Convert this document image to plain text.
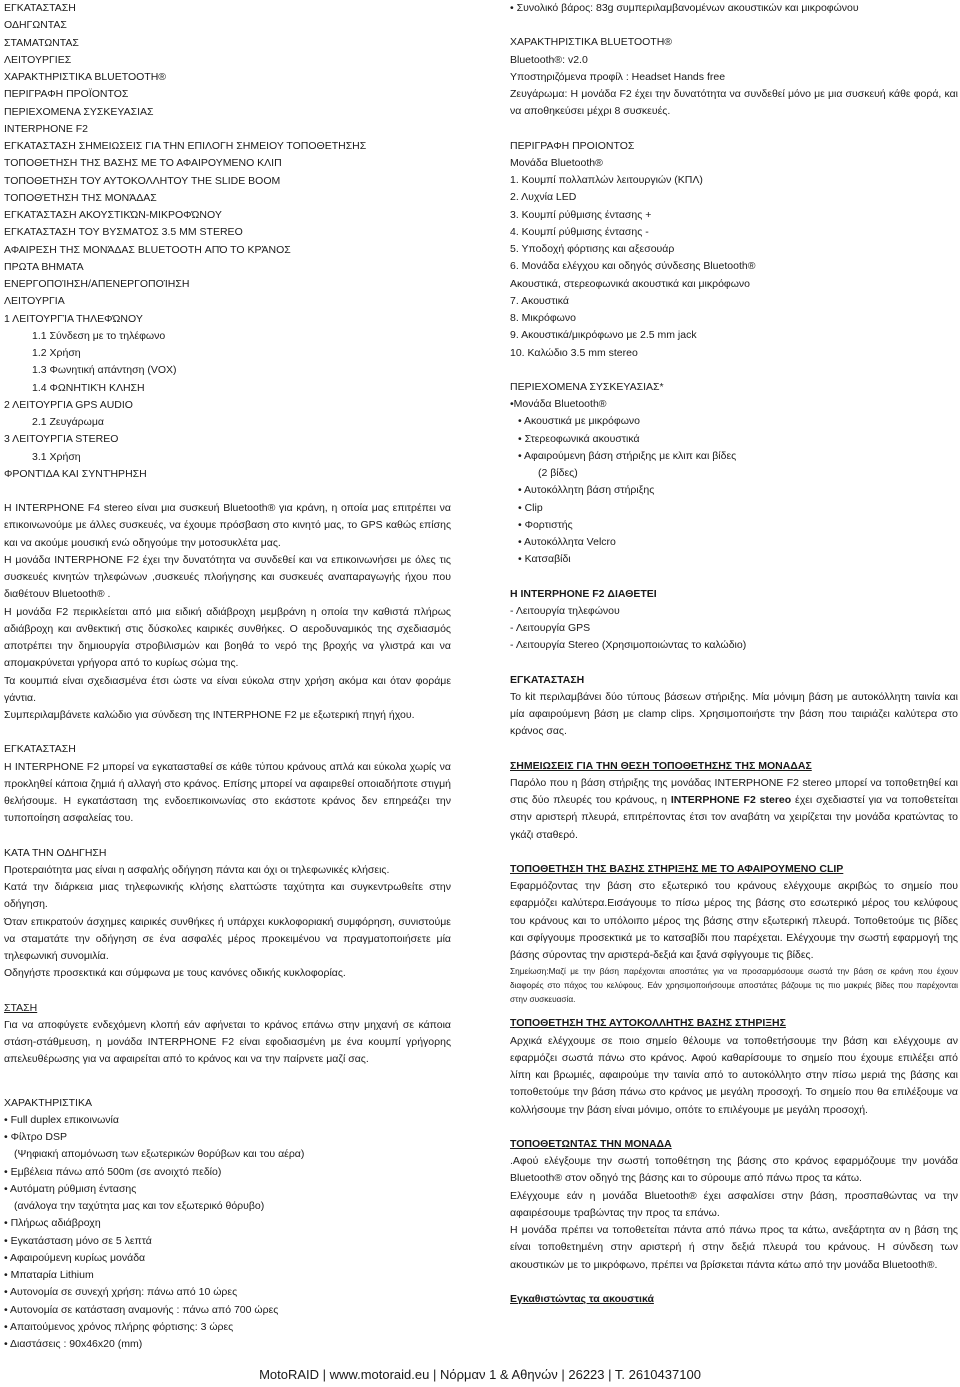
ΕΓΚΑΤΑΣΤΑΣΗ

ΟΔΗΓΩΝΤΑΣ

ΣΤΑΜΑΤΩΝΤΑΣ

ΛΕΙΤΟΥΡΓΙΕΣ

ΧΑΡΑΚΤΗΡΙΣΤΙΚΑ BLUETOOTH®

ΠΕΡΙΓΡΑΦΗ ΠΡΟΪΟΝΤΟΣ

ΠΕΡΙΕΧΟΜΕΝΑ ΣΥΣΚΕΥΑΣΙΑΣ

INTERPHONE F2

ΕΓΚΑΤΑΣΤΑΣΗ ΣΗΜΕΙΩΣΕΙΣ ΓΙΑ ΤΗΝ ΕΠΙΛΟΓΗ ΣΗΜΕΙΟΥ ΤΟΠΟΘΕΤΗΣΗΣ

ΤΟΠΟΘΕΤΗΣΗ ΤΗΣ ΒΑΣΗΣ ΜΕ ΤΟ ΑΦΑΙΡΟΥΜΕΝΟ ΚΛΙΠ

ΤΟΠΟΘΕΤΗΣΗ ΤΟΥ ΑΥΤΟΚΟΛΛΗΤΟΥ THE SLIDE BOOM

ΤΟΠΟΘΈΤΗΣΗ ΤΗΣ ΜΟΝΆΔΑΣ

ΕΓΚΑΤΆΣΤΑΣΗ ΑΚΟΥΣΤΙΚΏΝ-ΜΙΚΡΟΦΏΝΟΥ

ΕΓΚΑΤΑΣΤΑΣΗ ΤΟΥ ΒΥΣΜΑΤΟΣ 3.5 MM STEREO

ΑΦΑΙΡΕΣΗ ΤΗΣ ΜΟΝΆΔΑΣ BLUETOOTH ΑΠΌ ΤΟ ΚΡΆΝΟΣ

ΠΡΩΤΑ ΒΗΜΑΤΑ

ΕΝΕΡΓΟΠΟΊΗΣΗ/ΑΠΕΝΕΡΓΟΠΟΊΗΣΗ

ΛΕΙΤΟΥΡΓΙΑ

1 ΛΕΙΤΟΥΡΓΊΑ ΤΗΛΕΦΏΝΟΥ

1.1 Σύνδεση με το τηλέφωνο

1.2 Χρήση

1.3 Φωνητική απάντηση (VOX)

1.4 ΦΩΝΗΤΙΚΉ ΚΛΗΣΗ

2 ΛΕΙΤΟΥΡΓΙΑ GPS AUDIO

2.1 Ζευγάρωμα

3 ΛΕΙΤΟΥΡΓΙΑ STEREO

3.1 Χρήση

ΦΡΟΝΤΊΔΑ ΚΑΙ ΣΥΝΤΉΡΗΣΗ

Η INTERPHONE F4 stereo είναι μια συσκευή Bluetooth® για κράνη, η οποία μας επιτρέπει να επικοινωνούμε με άλλες συσκευές, να έχουμε πρόσβαση στο κινητό μας, το GPS καθώς επίσης και να ακούμε μουσική ενώ οδηγούμε την μοτοσυκλέτα μας.

Η μονάδα INTERPHONE F2 έχει την δυνατότητα να συνδεθεί και να επικοινωνήσει με όλες τις συσκευές κινητών τηλεφώνων ,συσκευές πλοήγησης και συσκευές αναπαραγωγής ήχου που διαθέτουν Bluetooth® .

Η μονάδα F2 περικλείεται από μια ειδική αδιάβροχη μεμβράνη η οποία την καθιστά πλήρως αδιάβροχη και ανθεκτική στις δύσκολες καιρικές συνθήκες. Ο αεροδυναμικός της σχεδιασμός αποτρέπει την δημιουργία στροβιλισμών και βοηθά το νερό της βροχής να γλιστρά και να απομακρύνεται γρήγορα από το κυρίως σώμα της.

Τα κουμπιά είναι σχεδιασμένα έτσι ώστε να είναι εύκολα στην χρήση ακόμα και όταν φοράμε γάντια.

Συμπεριλαμβάνετε καλώδιο για σύνδεση της INTERPHONE F2 με εξωτερική πηγή ήχου.

ΕΓΚΑΤΑΣΤΑΣΗ

Η INTERPHONE F2 μπορεί να εγκατασταθεί σε κάθε τύπου κράνους απλά και εύκολα χωρίς να προκληθεί κάποια ζημιά ή αλλαγή στο κράνος. Επίσης μπορεί να αφαιρεθεί οποιαδήποτε στιγμή θελήσουμε. Η εγκατάσταση της ενδοεπικοινωνίας στο εκάστοτε κράνος δεν επηρεάζει την τυποποίηση ασφαλείας του.

ΚΑΤΑ ΤΗΝ ΟΔΗΓΗΣΗ

Προτεραιότητα μας είναι η ασφαλής οδήγηση πάντα και όχι οι τηλεφωνικές κλήσεις.

Κατά την διάρκεια μιας τηλεφωνικής κλήσης ελαττώστε ταχύτητα και συγκεντρωθείτε στην οδήγηση.

Όταν επικρατούν άσχημες καιρικές συνθήκες ή υπάρχει κυκλοφοριακή συμφόρηση, συνιστούμε να σταματάτε την οδήγηση σε ένα ασφαλές μέρος προκειμένου να πραγματοποιήσετε μία τηλεφωνική συνομιλία.

Οδηγήστε προσεκτικά και σύμφωνα με τους κανόνες οδικής κυκλοφορίας.

ΣΤΑΣΗ

Για να αποφύγετε ενδεχόμενη κλοπή εάν αφήνεται το κράνος επάνω στην μηχανή σε κάποια στάση-στάθμευση, η μονάδα INTERPHONE F2 είναι εφοδιασμένη με ένα κουμπί γρήγορης απελευθέρωσης για να αφαιρείται από το κράνος και να την παίρνετε μαζί σας.

ΧΑΡΑΚΤΗΡΙΣΤΙΚΑ

• Full duplex επικοινωνία

• Φίλτρο DSP

(Ψηφιακή απομόνωση των εξωτερικών θορύβων και του αέρα)

• Εμβέλεια πάνω από 500m (σε ανοιχτό πεδίο)

• Αυτόματη ρύθμιση έντασης

(ανάλογα την ταχύτητα μας και τον εξωτερικό θόρυβο)

• Πλήρως αδιάβροχη

• Εγκατάσταση μόνο σε 5 λεπτά

• Αφαιρούμενη κυρίως μονάδα

• Μπαταρία Lithium

• Αυτονομία σε συνεχή χρήση: πάνω από 10 ώρες

• Αυτονομία σε κατάσταση αναμονής : πάνω από 700 ώρες

• Απαιτούμενος χρόνος πλήρης φόρτισης: 3 ώρες

• Διαστάσεις : 90x46x20 (mm)

• Συνολικό βάρος: 83g συμπεριλαμβανομένων ακουστικών και μικροφώνου

ΧΑΡΑΚΤΗΡΙΣΤΙΚΑ BLUETOOTH®

Bluetooth®: v2.0

Υποστηριζόμενα προφίλ : Headset Hands free

Ζευγάρωμα: Η μονάδα F2 έχει την δυνατότητα να συνδεθεί μόνο με μια συσκευή κάθε φορά, και να αποθηκεύσει μέχρι 8 συσκευές.

ΠΕΡΙΓΡΑΦΗ ΠΡΟΙΟΝΤΟΣ

Μονάδα Bluetooth®

1. Κουμπί πολλαπλών λειτουργιών (ΚΠΛ)

2. Λυχνία LED

3. Κουμπί ρύθμισης έντασης +

4. Κουμπί ρύθμισης έντασης -

5. Υποδοχή φόρτισης και αξεσουάρ

6. Μονάδα ελέγχου και οδηγός σύνδεσης Bluetooth®

Ακουστικά, στερεοφωνικά ακουστικά και μικρόφωνο

7. Ακουστικά

8. Μικρόφωνο

9. Ακουστικά/μικρόφωνο με 2.5 mm jack

10. Καλώδιο 3.5 mm stereo

ΠΕΡΙΕΧΟΜΕΝΑ ΣΥΣΚΕΥΑΣΙΑΣ*

•Μονάδα Bluetooth®

• Ακουστικά με μικρόφωνο

• Στερεοφωνικά ακουστικά

• Αφαιρούμενη βάση στήριξης με κλιπ και βίδες

(2 βίδες)

• Αυτοκόλλητη βάση στήριξης

• Clip

• Φορτιστής

• Αυτοκόλλητα Velcro

• Κατσαβίδι

Η INTERPHONE F2 ΔΙΑΘΕΤΕΙ

- Λειτουργία τηλεφώνου

- Λειτουργία GPS

- Λειτουργία Stereo (Χρησιμοποιώντας το καλώδιο)

ΕΓΚΑΤΑΣΤΑΣΗ

Το kit περιλαμβάνει δύο τύπους βάσεων στήριξης. Μία μόνιμη βάση με αυτοκόλλητη ταινία και μία αφαιρούμενη βάση με clamp clips. Χρησιμοποιήστε την βάση που ταιριάζει καλύτερα στο κράνος σας.

ΣΗΜΕΙΩΣΕΙΣ ΓΙΑ ΤΗΝ ΘΕΣΗ ΤΟΠΟΘΕΤΗΣΗΣ ΤΗΣ ΜΟΝΑΔΑΣ

Παρόλο που η βάση στήριξης της μονάδας INTERPHONE F2 stereo μπορεί να τοποθετηθεί και στις δύο πλευρές του κράνους, η INTERPHONE F2 stereo έχει σχεδιαστεί για να τοποθετείται στην αριστερή πλευρά, επιτρέποντας έτσι τον αναβάτη να χειρίζεται την μονάδα κρατώντας το γκάζι σταθερό.

ΤΟΠΟΘΕΤΗΣΗ ΤΗΣ ΒΑΣΗΣ ΣΤΗΡΙΞΗΣ ΜΕ ΤΟ ΑΦΑΙΡΟΥΜΕΝΟ CLIP

Εφαρμόζοντας την βάση στο εξωτερικό του κράνους ελέγχουμε ακριβώς το σημείο που εφαρμόζει καλύτερα.Εισάγουμε το πίσω μέρος της βάσης στο εσωτερικό μέρος του κελύφους του κράνους και το υπόλοιπο μέρος της βάσης στην εξωτερική πλευρά. Τοποθετούμε τις βίδες και σφίγγουμε προσεκτικά με το κατσαβίδι που παρέχεται. Ελέγχουμε την σωστή εφαρμογή της βάσης σύροντας την αριστερά-δεξιά και ξανά σφίγγουμε τις βίδες.

Σημείωση:Μαζί με την βάση παρέχονται αποστάτες για να προσαρμόσουμε σωστά την βάση σε κράνη που έχουν διαφορές στο πάχος του κελύφους. Εάν χρησιμοποιήσουμε αποστάτες βάζουμε τις πιο μακριές βίδες που παρέχονται στην συσκευασία.

ΤΟΠΟΘΕΤΗΣΗ ΤΗΣ ΑΥΤΟΚΟΛΛΗΤΗΣ ΒΑΣΗΣ ΣΤΗΡΙΞΗΣ

Αρχικά ελέγχουμε σε ποιο σημείο θέλουμε να τοποθετήσουμε την βάση και ελέγχουμε αν εφαρμόζει σωστά πάνω στο κράνος. Αφού καθαρίσουμε το σημείο που έχουμε επιλέξει από λίπη και βρωμιές, αφαιρούμε την ταινία από το αυτοκόλλητο στην πίσω μεριά της βάσης και τοποθετούμε την βάση πάνω στο κράνος με μεγάλη προσοχή. Το σημείο που θα επιλέξουμε να κολλήσουμε την βάση είναι μόνιμο, οπότε το επιλέγουμε με μεγάλη προσοχή.

ΤΟΠΟΘΕΤΩΝΤΑΣ ΤΗΝ ΜΟΝΑΔΑ

.Αφού ελέγξουμε την σωστή τοποθέτηση της βάσης στο κράνος εφαρμόζουμε την μονάδα Bluetooth® στον οδηγό της βάσης και το σύρουμε από πάνω προς τα κάτω.

Ελέγχουμε εάν η μονάδα Bluetooth® έχει ασφαλίσει στην βάση, προσπαθώντας να την αφαιρέσουμε τραβώντας την προς τα επάνω.

Η μονάδα πρέπει να τοποθετείται πάντα από πάνω προς τα κάτω, ανεξάρτητα αν η βάση της είναι τοποθετημένη στην αριστερή ή στην δεξιά πλευρά του κράνους. Η σύνδεση των ακουστικών με το μικρόφωνο, πρέπει να βρίσκεται πάντα κάτω από την μονάδα Bluetooth®.

Εγκαθιστώντας τα ακουστικά

MotoRAID | www.motoraid.eu | Νόρμαν 1 & Αθηνών | 26223 | Τ. 2610437100
